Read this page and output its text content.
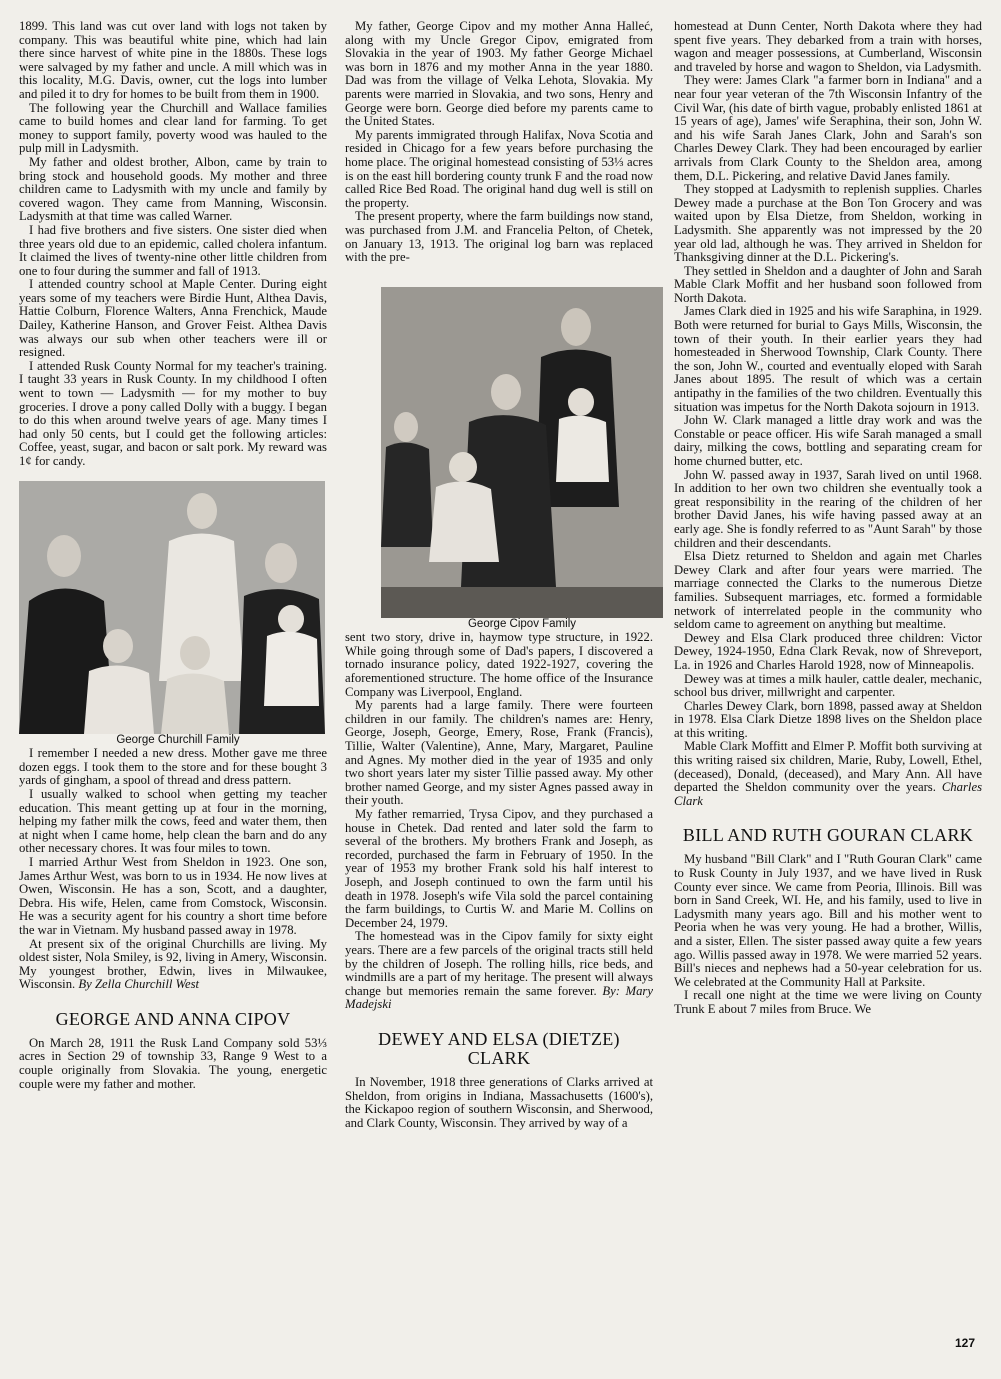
1899. This land was cut over land with logs not taken by company. This was beautiful white pine, which had lain there since harvest of white pine in the 1880s. These logs were salvaged by my father and uncle. A mill which was in this locality, M.G. Davis, owner, cut the logs into lumber and piled it to dry for homes to be built from them in 1900.

The following year the Churchill and Wallace families came to build homes and clear land for farming. To get money to support family, poverty wood was hauled to the pulp mill in Ladysmith.

My father and oldest brother, Albon, came by train to bring stock and household goods. My mother and three children came to Ladysmith with my uncle and family by covered wagon. They came from Manning, Wisconsin. Ladysmith at that time was called Warner.

I had five brothers and five sisters. One sister died when three years old due to an epidemic, called cholera infantum. It claimed the lives of twenty-nine other little children from one to four during the summer and fall of 1913.

I attended country school at Maple Center. During eight years some of my teachers were Birdie Hunt, Althea Davis, Hattie Colburn, Florence Walters, Anna Frenchick, Maude Dailey, Katherine Hanson, and Grover Feist. Althea Davis was always our sub when other teachers were ill or resigned.

I attended Rusk County Normal for my teacher's training. I taught 33 years in Rusk County. In my childhood I often went to town — Ladysmith — for my mother to buy groceries. I drove a pony called Dolly with a buggy. I began to do this when around twelve years of age. Many times I had only 50 cents, but I could get the following articles: Coffee, yeast, sugar, and bacon or salt pork. My reward was 1¢ for candy.

George Churchill Family

I remember I needed a new dress. Mother gave me three dozen eggs. I took them to the store and for these bought 3 yards of gingham, a spool of thread and dress pattern.

I usually walked to school when getting my teacher education. This meant getting up at four in the morning, helping my father milk the cows, feed and water them, then at night when I came home, help clean the barn and do any other necessary chores. It was four miles to town.

I married Arthur West from Sheldon in 1923. One son, James Arthur West, was born to us in 1934. He now lives at Owen, Wisconsin. He has a son, Scott, and a daughter, Debra. His wife, Helen, came from Comstock, Wisconsin. He was a security agent for his country a short time before the war in Vietnam. My husband passed away in 1978.

At present six of the original Churchills are living. My oldest sister, Nola Smiley, is 92, living in Amery, Wisconsin. My youngest brother, Edwin, lives in Milwaukee, Wisconsin. By Zella Churchill West

GEORGE AND ANNA CIPOV

On March 28, 1911 the Rusk Land Company sold 53⅓ acres in Section 29 of township 33, Range 9 West to a couple originally from Slovakia. The young, energetic couple were my father and mother.

My father, George Cipov and my mother Anna Halleć, along with my Uncle Gregor Cipov, emigrated from Slovakia in the year of 1903. My father George Michael was born in 1876 and my mother Anna in the year 1880. Dad was from the village of Velka Lehota, Slovakia. My parents were married in Slovakia, and two sons, Henry and George were born. George died before my parents came to the United States.

My parents immigrated through Halifax, Nova Scotia and resided in Chicago for a few years before purchasing the home place. The original homestead consisting of 53⅓ acres is on the east hill bordering county trunk F and the road now called Rice Bed Road. The original hand dug well is still on the property.

The present property, where the farm buildings now stand, was purchased from J.M. and Francelia Pelton, of Chetek, on January 13, 1913. The original log barn was replaced with the pre-

George Cipov Family

sent two story, drive in, haymow type structure, in 1922. While going through some of Dad's papers, I discovered a tornado insurance policy, dated 1922-1927, covering the aforementioned structure. The home office of the Insurance Company was Liverpool, England.

My parents had a large family. There were fourteen children in our family. The children's names are: Henry, George, Joseph, George, Emery, Rose, Frank (Francis), Tillie, Walter (Valentine), Anne, Mary, Margaret, Pauline and Agnes. My mother died in the year of 1935 and only two short years later my sister Tillie passed away. My other brother named George, and my sister Agnes passed away in their youth.

My father remarried, Trysa Cipov, and they purchased a house in Chetek. Dad rented and later sold the farm to several of the brothers. My brothers Frank and Joseph, as recorded, purchased the farm in February of 1950. In the year of 1953 my brother Frank sold his half interest to Joseph, and Joseph continued to own the farm until his death in 1978. Joseph's wife Vila sold the parcel containing the farm buildings, to Curtis W. and Marie M. Collins on December 24, 1979.

The homestead was in the Cipov family for sixty eight years. There are a few parcels of the original tracts still held by the children of Joseph. The rolling hills, rice beds, and windmills are a part of my heritage. The present will always change but memories remain the same forever. By: Mary Madejski

DEWEY AND ELSA (DIETZE) CLARK

In November, 1918 three generations of Clarks arrived at Sheldon, from origins in Indiana, Massachusetts (1600's), the Kickapoo region of southern Wisconsin, and Sherwood, and Clark County, Wisconsin. They arrived by way of a

homestead at Dunn Center, North Dakota where they had spent five years. They debarked from a train with horses, wagon and meager possessions, at Cumberland, Wisconsin and traveled by horse and wagon to Sheldon, via Ladysmith.

They were: James Clark "a farmer born in Indiana" and a near four year veteran of the 7th Wisconsin Infantry of the Civil War, (his date of birth vague, probably enlisted 1861 at 15 years of age), James' wife Seraphina, their son, John W. and his wife Sarah Janes Clark, John and Sarah's son Charles Dewey Clark. They had been encouraged by earlier arrivals from Clark County to the Sheldon area, among them, D.L. Pickering, and relative David Janes family.

They stopped at Ladysmith to replenish supplies. Charles Dewey made a purchase at the Bon Ton Grocery and was waited upon by Elsa Dietze, from Sheldon, working in Ladysmith. She apparently was not impressed by the 20 year old lad, although he was. They arrived in Sheldon for Thanksgiving dinner at the D.L. Pickering's.

They settled in Sheldon and a daughter of John and Sarah Mable Clark Moffit and her husband soon followed from North Dakota.

James Clark died in 1925 and his wife Saraphina, in 1929. Both were returned for burial to Gays Mills, Wisconsin, the town of their youth. In their earlier years they had homesteaded in Sherwood Township, Clark County. There the son, John W., courted and eventually eloped with Sarah Janes about 1895. The result of which was a certain antipathy in the families of the two children. Eventually this situation was impetus for the North Dakota sojourn in 1913.

John W. Clark managed a little dray work and was the Constable or peace officer. His wife Sarah managed a small dairy, milking the cows, bottling and separating cream for home churned butter, etc.

John W. passed away in 1937, Sarah lived on until 1968. In addition to her own two children she eventually took a great responsibility in the rearing of the children of her brother David Janes, his wife having passed away at an early age. She is fondly referred to as "Aunt Sarah" by those children and their descendants.

Elsa Dietz returned to Sheldon and again met Charles Dewey Clark and after four years were married. The marriage connected the Clarks to the numerous Dietze families. Subsequent marriages, etc. formed a formidable network of interrelated people in the community who seldom came to agreement on anything but mealtime.

Dewey and Elsa Clark produced three children: Victor Dewey, 1924-1950, Edna Clark Revak, now of Shreveport, La. in 1926 and Charles Harold 1928, now of Minneapolis.

Dewey was at times a milk hauler, cattle dealer, mechanic, school bus driver, millwright and carpenter.

Charles Dewey Clark, born 1898, passed away at Sheldon in 1978. Elsa Clark Dietze 1898 lives on the Sheldon place at this writing.

Mable Clark Moffitt and Elmer P. Moffit both surviving at this writing raised six children, Marie, Ruby, Lowell, Ethel, (deceased), Donald, (deceased), and Mary Ann. All have departed the Sheldon community over the years. Charles Clark

BILL AND RUTH GOURAN CLARK

My husband "Bill Clark" and I "Ruth Gouran Clark" came to Rusk County in July 1937, and we have lived in Rusk County ever since. We came from Peoria, Illinois. Bill was born in Sand Creek, WI. He, and his family, used to live in Ladysmith many years ago. Bill and his mother went to Peoria when he was very young. He had a brother, Willis, and a sister, Ellen. The sister passed away quite a few years ago. Willis passed away in 1978. We were married 52 years. Bill's nieces and nephews had a 50-year celebration for us. We celebrated at the Community Hall at Parksite.

I recall one night at the time we were living on County Trunk E about 7 miles from Bruce. We

127
